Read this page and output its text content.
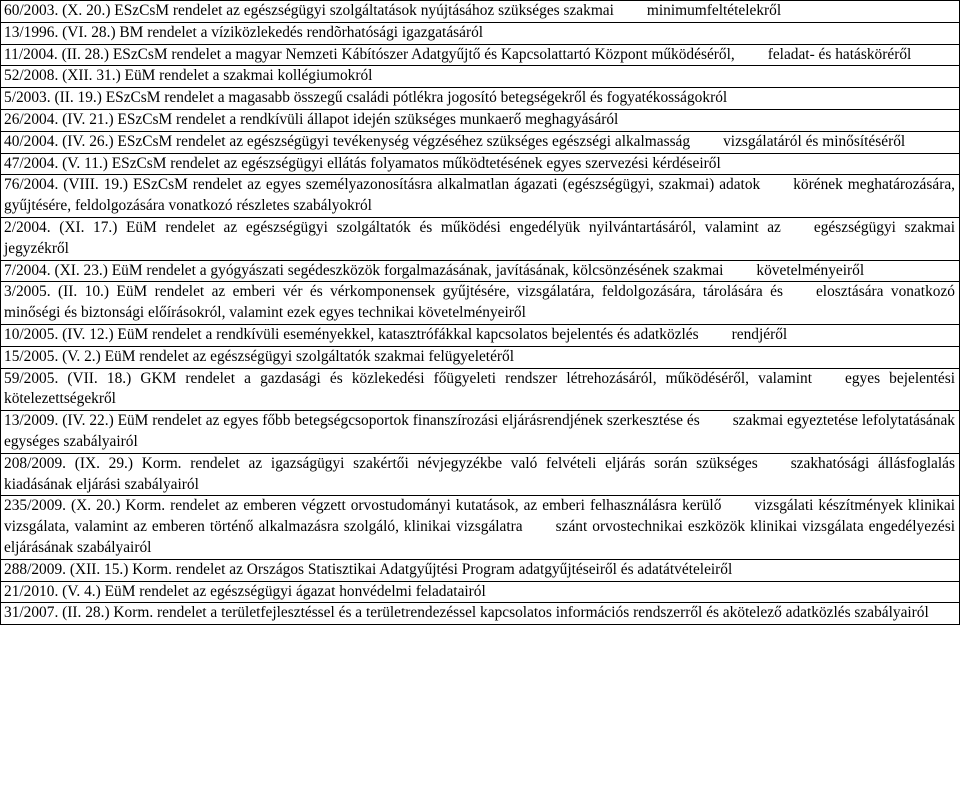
60/2003. (X. 20.) ESzCsM rendelet az egészségügyi szolgáltatások nyújtásához szükséges szakmai minimumfeltételekről
13/1996. (VI. 28.) BM rendelet a víziközlekedés rendõrhatósági igazgatásáról
11/2004. (II. 28.) ESzCsM rendelet a magyar Nemzeti Kábítószer Adatgyűjtő és Kapcsolattartó Központ működéséről, feladat- és hatásköréről
52/2008. (XII. 31.) EüM rendelet a szakmai kollégiumokról
5/2003. (II. 19.) ESzCsM rendelet a magasabb összegű családi pótlékra jogosító betegségekről és fogyatékosságokról
26/2004. (IV. 21.) ESzCsM rendelet a rendkívüli állapot idején szükséges munkaerő meghagyásáról
40/2004. (IV. 26.) ESzCsM rendelet az egészségügyi tevékenység végzéséhez szükséges egészségi alkalmasság vizsgálatáról és minősítéséről
47/2004. (V. 11.) ESzCsM rendelet az egészségügyi ellátás folyamatos működtetésének egyes szervezési kérdéseiről
76/2004. (VIII. 19.) ESzCsM rendelet az egyes személyazonosításra alkalmatlan ágazati (egészségügyi, szakmai) adatok körének meghatározására, gyűjtésére, feldolgozására vonatkozó részletes szabályokról
2/2004. (XI. 17.) EüM rendelet az egészségügyi szolgáltatók és működési engedélyük nyilvántartásáról, valamint az egészségügyi szakmai jegyzékről
7/2004. (XI. 23.) EüM rendelet a gyógyászati segédeszközök forgalmazásának, javításának, kölcsönzésének szakmai követelményeiről
3/2005. (II. 10.) EüM rendelet az emberi vér és vérkomponensek gyűjtésére, vizsgálatára, feldolgozására, tárolására és elosztására vonatkozó minőségi és biztonsági előírásokról, valamint ezek egyes technikai követelményeiről
10/2005. (IV. 12.) EüM rendelet a rendkívüli eseményekkel, katasztrófákkal kapcsolatos bejelentés és adatközlés rendjéről
15/2005. (V. 2.) EüM rendelet az egészségügyi szolgáltatók szakmai felügyeletéről
59/2005. (VII. 18.) GKM rendelet a gazdasági és közlekedési főügyeleti rendszer létrehozásáról, működéséről, valamint egyes bejelentési kötelezettségekről
13/2009. (IV. 22.) EüM rendelet az egyes főbb betegségcsoportok finanszírozási eljárásrendjének szerkesztése és szakmai egyeztetése lefolytatásának egységes szabályairól
208/2009. (IX. 29.) Korm. rendelet az igazságügyi szakértői névjegyzékbe való felvételi eljárás során szükséges szakhatósági állásfoglalás kiadásának eljárási szabályairól
235/2009. (X. 20.) Korm. rendelet az emberen végzett orvostudományi kutatások, az emberi felhasználásra kerülő vizsgálati készítmények klinikai vizsgálata, valamint az emberen történő alkalmazásra szolgáló, klinikai vizsgálatra szánt orvostechnikai eszközök klinikai vizsgálata engedélyezési eljárásának szabályairól
288/2009. (XII. 15.) Korm. rendelet az Országos Statisztikai Adatgyűjtési Program adatgyűjtéseiről és adatátvételeiről
21/2010. (V. 4.) EüM rendelet az egészségügyi ágazat honvédelmi feladatairól
31/2007. (II. 28.) Korm. rendelet a területfejlesztéssel és a területrendezéssel kapcsolatos információs rendszerről és akötelező adatközlés szabályairól
